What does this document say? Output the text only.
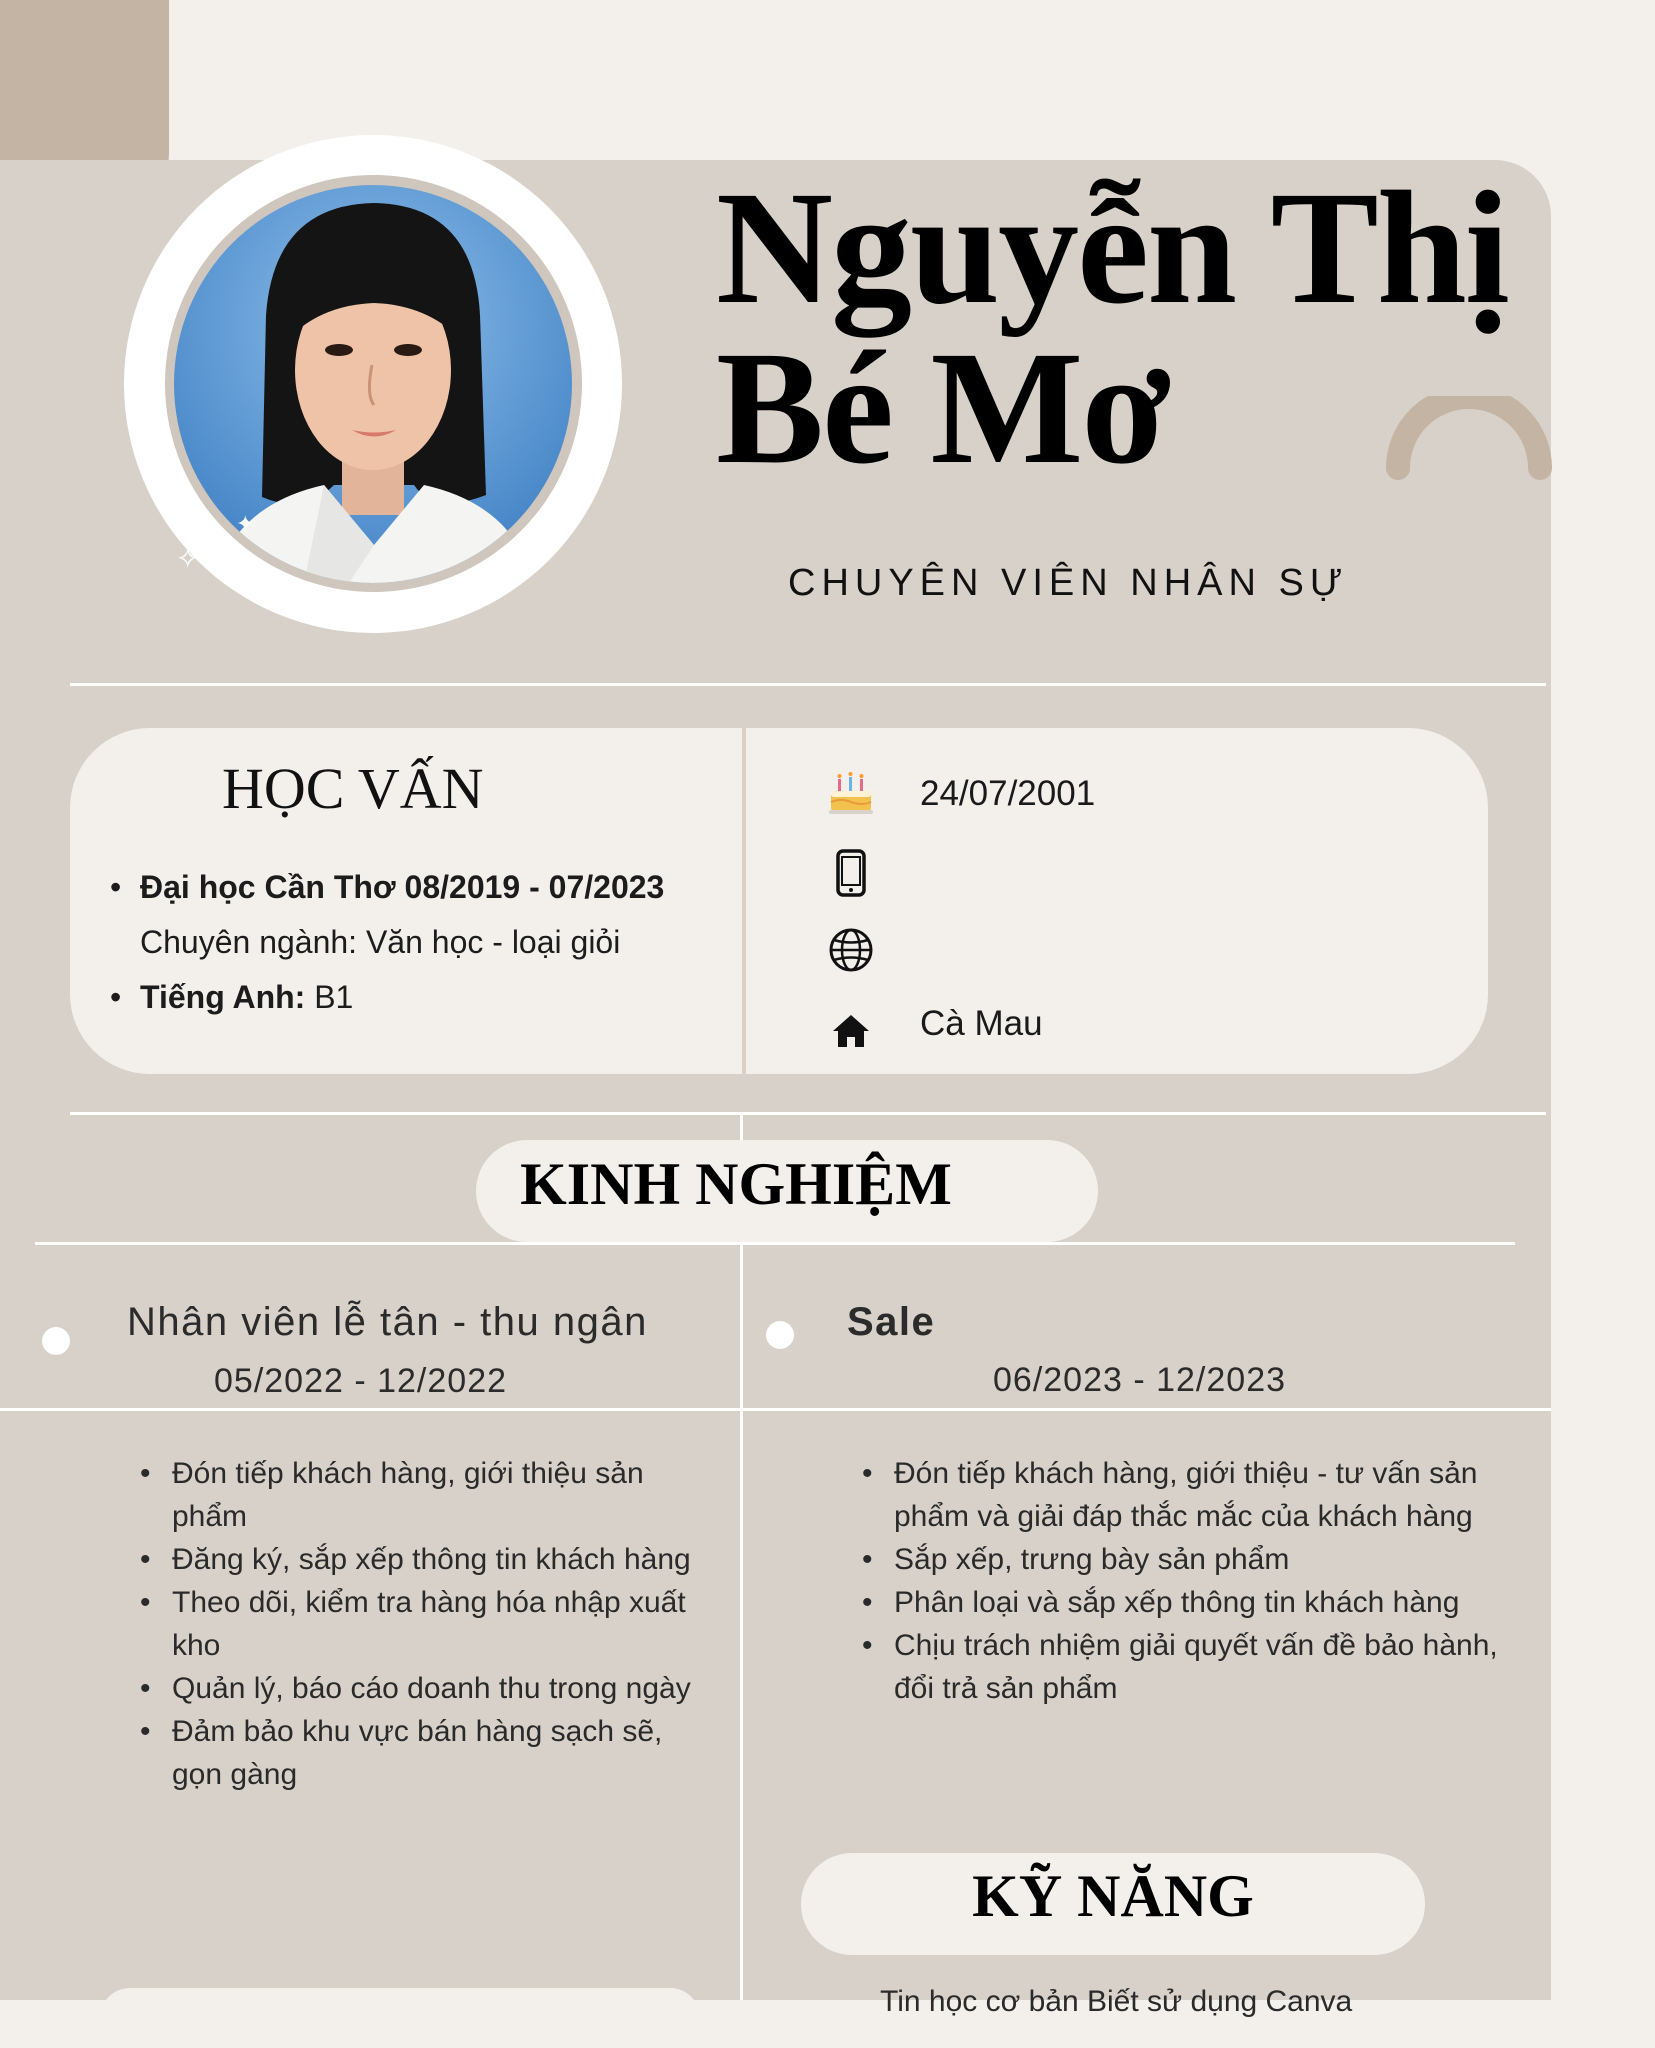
✦
✧
Nguyễn Thị
Bé Mơ
CHUYÊN VIÊN NHÂN SỰ
HỌC VẤN
• Đại học Cần Thơ 08/2019 - 07/2023
Chuyên ngành: Văn học - loại giỏi
• Tiếng Anh: B1
24/07/2001
Cà Mau
KINH NGHIỆM
Nhân viên lễ tân - thu ngân
05/2022 - 12/2022
Sale
06/2023 - 12/2023
• Đón tiếp khách hàng, giới thiệu sản phẩm
• Đăng ký, sắp xếp thông tin khách hàng
• Theo dõi, kiểm tra hàng hóa nhập xuất kho
• Quản lý, báo cáo doanh thu trong ngày
• Đảm bảo khu vực bán hàng sạch sẽ, gọn gàng
• Đón tiếp khách hàng, giới thiệu - tư vấn sản phẩm và giải đáp thắc mắc của khách hàng
• Sắp xếp, trưng bày sản phẩm
• Phân loại và sắp xếp thông tin khách hàng
• Chịu trách nhiệm giải quyết vấn đề bảo hành, đổi trả sản phẩm
KỸ NĂNG
Tin học cơ bản Biết sử dụng Canva
